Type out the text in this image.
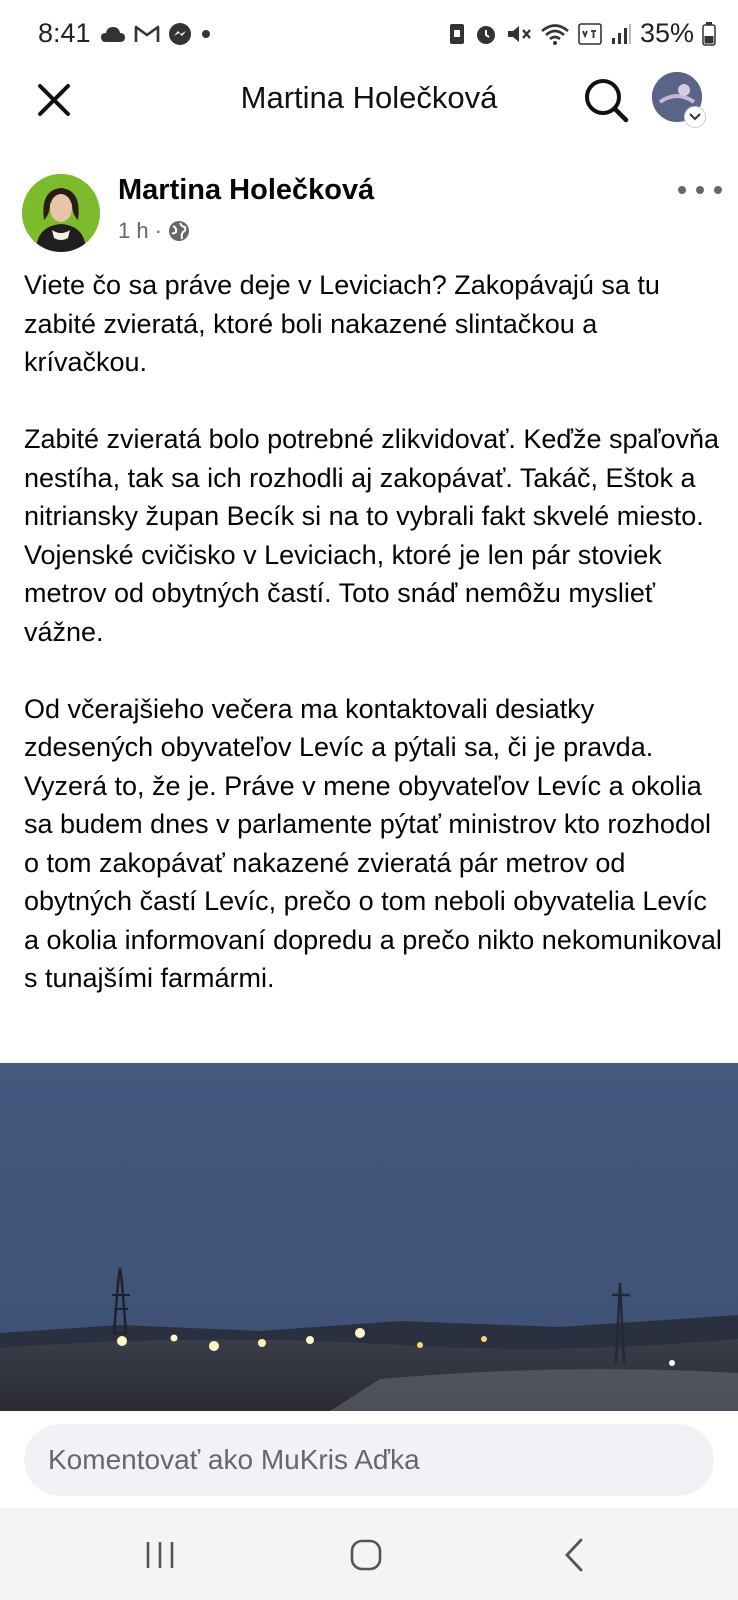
8:41	35%
Martina Holečková
Martina Holečková
1 h ·

Viete čo sa práve deje v Leviciach? Zakopávajú sa tu zabité zvieratá, ktoré boli nakazené slintačkou a krívačkou.

Zabité zvieratá bolo potrebné zlikvidovať. Keďže spaľovňa nestíha, tak sa ich rozhodli aj zakopávať. Takáč, Eštok a nitriansky župan Becík si na to vybrali fakt skvelé miesto. Vojenské cvičisko v Leviciach, ktoré je len pár stoviek metrov od obytných častí. Toto snáď nemôžu myslieť vážne.

Od včerajšieho večera ma kontaktovali desiatky zdesených obyvateľov Levíc a pýtali sa, či je pravda. Vyzerá to, že je. Práve v mene obyvateľov Levíc a okolia sa budem dnes v parlamente pýtať ministrov kto rozhodol o tom zakopávať nakazené zvieratá pár metrov od obytných častí Levíc, prečo o tom neboli obyvatelia Levíc a okolia informovaní dopredu a prečo nikto nekomunikoval s tunajšími farmármi.

Komentovať ako MuKris Aďka
